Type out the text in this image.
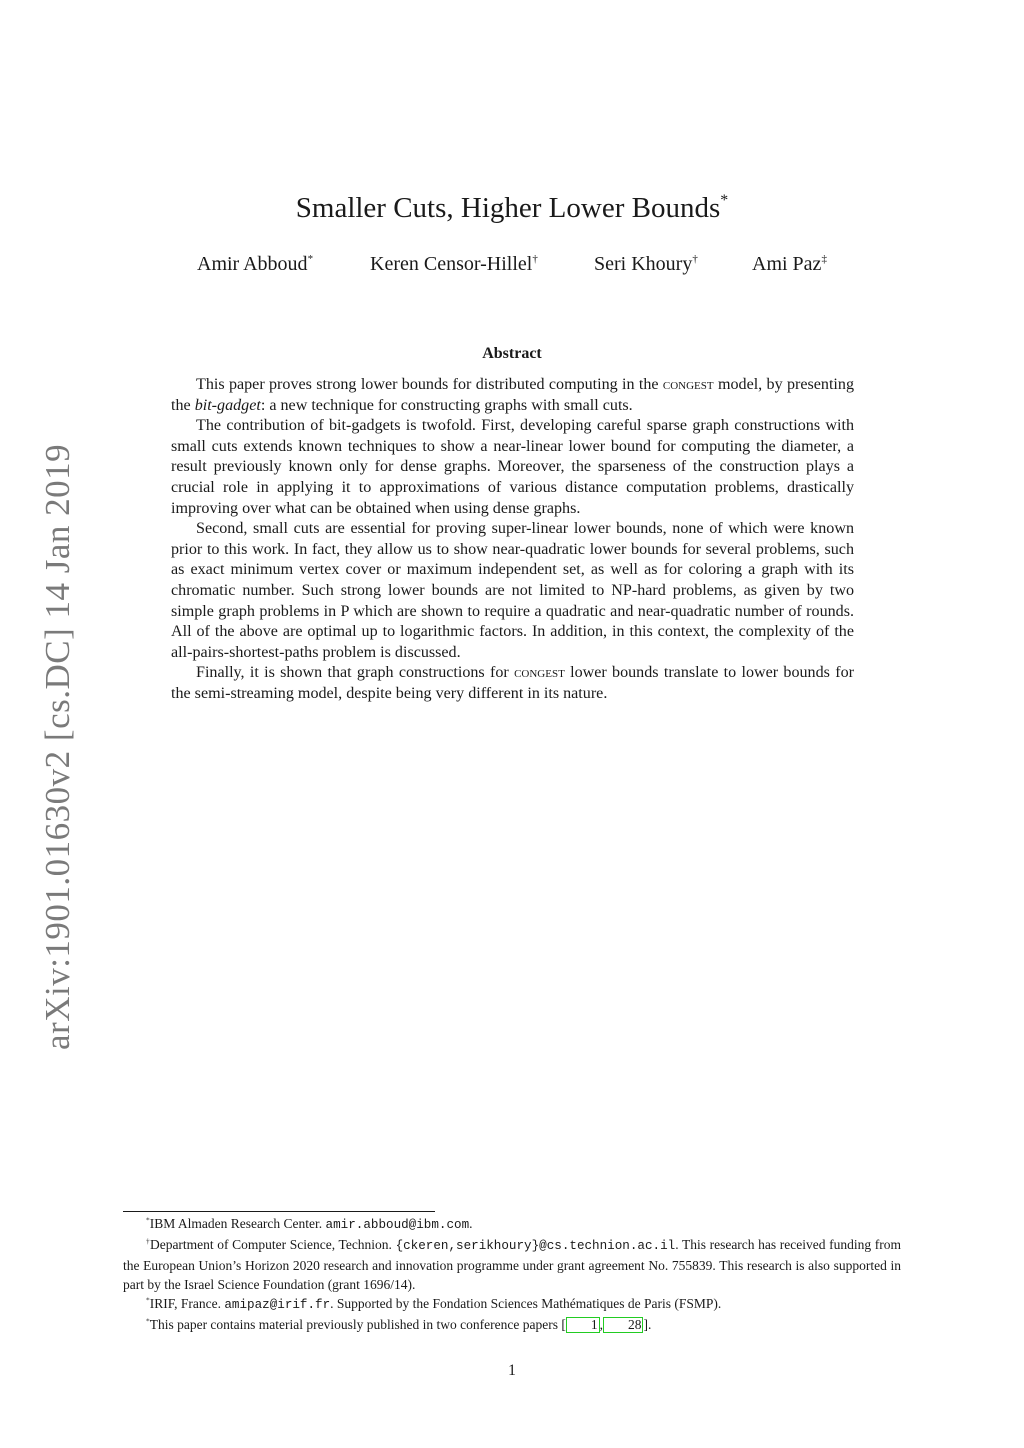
arXiv:1901.01630v2 [cs.DC] 14 Jan 2019
Smaller Cuts, Higher Lower Bounds*
Amir Abboud*	Keren Censor-Hillel†	Seri Khoury†	Ami Paz‡
Abstract

This paper proves strong lower bounds for distributed computing in the congest model, by presenting the bit-gadget: a new technique for constructing graphs with small cuts.

The contribution of bit-gadgets is twofold. First, developing careful sparse graph constructions with small cuts extends known techniques to show a near-linear lower bound for computing the diameter, a result previously known only for dense graphs. Moreover, the sparseness of the construction plays a crucial role in applying it to approximations of various distance computation problems, drastically improving over what can be obtained when using dense graphs.

Second, small cuts are essential for proving super-linear lower bounds, none of which were known prior to this work. In fact, they allow us to show near-quadratic lower bounds for several problems, such as exact minimum vertex cover or maximum independent set, as well as for coloring a graph with its chromatic number. Such strong lower bounds are not limited to NP-hard problems, as given by two simple graph problems in P which are shown to require a quadratic and near-quadratic number of rounds. All of the above are optimal up to logarithmic factors. In addition, in this context, the complexity of the all-pairs-shortest-paths problem is discussed.

Finally, it is shown that graph constructions for congest lower bounds translate to lower bounds for the semi-streaming model, despite being very different in its nature.

*IBM Almaden Research Center. amir.abboud@ibm.com.

†Department of Computer Science, Technion. {ckeren,serikhoury}@cs.technion.ac.il. This research has received funding from the European Union’s Horizon 2020 research and innovation programme under grant agreement No. 755839. This research is also supported in part by the Israel Science Foundation (grant 1696/14).

*IRIF, France. amipaz@irif.fr. Supported by the Fondation Sciences Mathématiques de Paris (FSMP).

*This paper contains material previously published in two conference papers [ 1 , 28 ].

1
